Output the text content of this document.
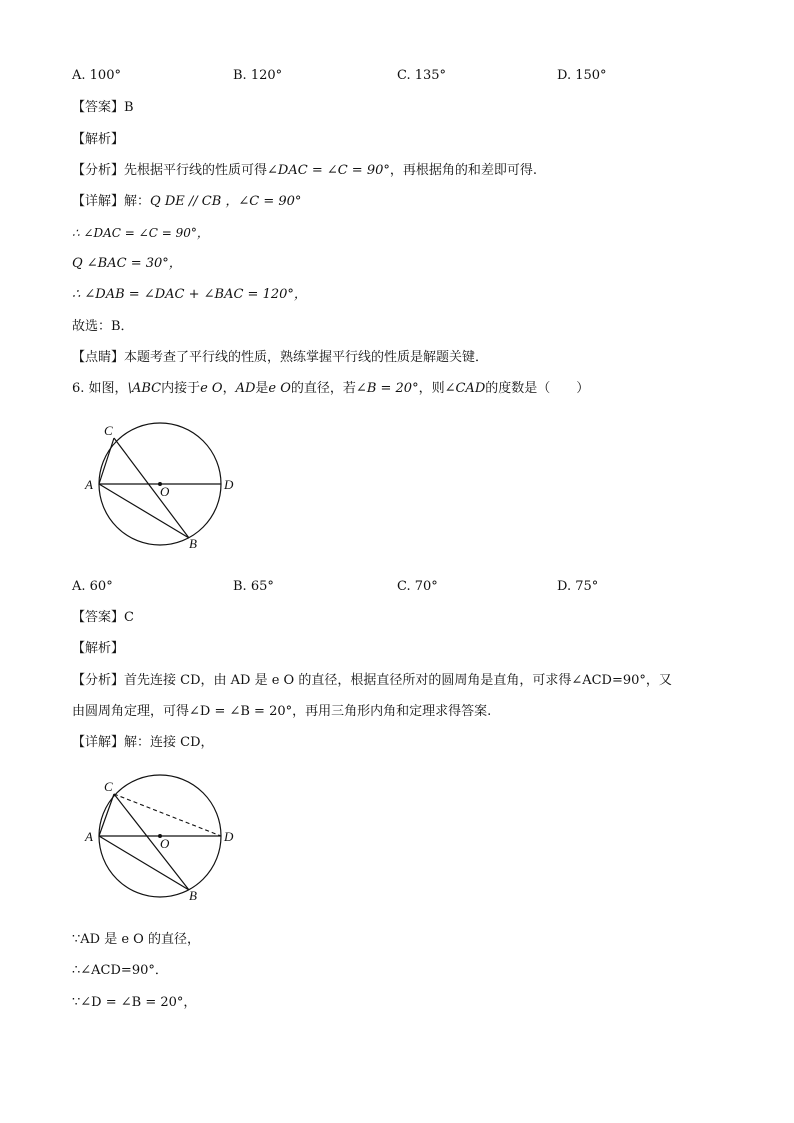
A. 100°	B. 120°	C. 135°	D. 150°
【答案】B
【解析】
【分析】先根据平行线的性质可得∠DAC = ∠C = 90°，再根据角的和差即可得.
【详解】解：Q DE // CB ，∠C = 90°
∴ ∠DAC = ∠C = 90°，
Q ∠BAC = 30°，
∴ ∠DAB = ∠DAC + ∠BAC = 120°，
故选：B．
【点睛】本题考查了平行线的性质，熟练掌握平行线的性质是解题关键．
6. 如图，\ABC内接于e O，AD是e O的直径，若∠B = 20°，则∠CAD的度数是（　　）
A
C
D
O
B
A. 60°	B. 65°	C. 70°	D. 75°
【答案】C
【解析】
【分析】首先连接 CD，由 AD 是 e O 的直径，根据直径所对的圆周角是直角，可求得∠ACD=90°，又
由圆周角定理，可得∠D = ∠B = 20°，再用三角形内角和定理求得答案.
【详解】解：连接 CD，
A
C
D
O
B
∵AD 是 e O 的直径，
∴∠ACD=90°．
∵∠D = ∠B = 20°，
